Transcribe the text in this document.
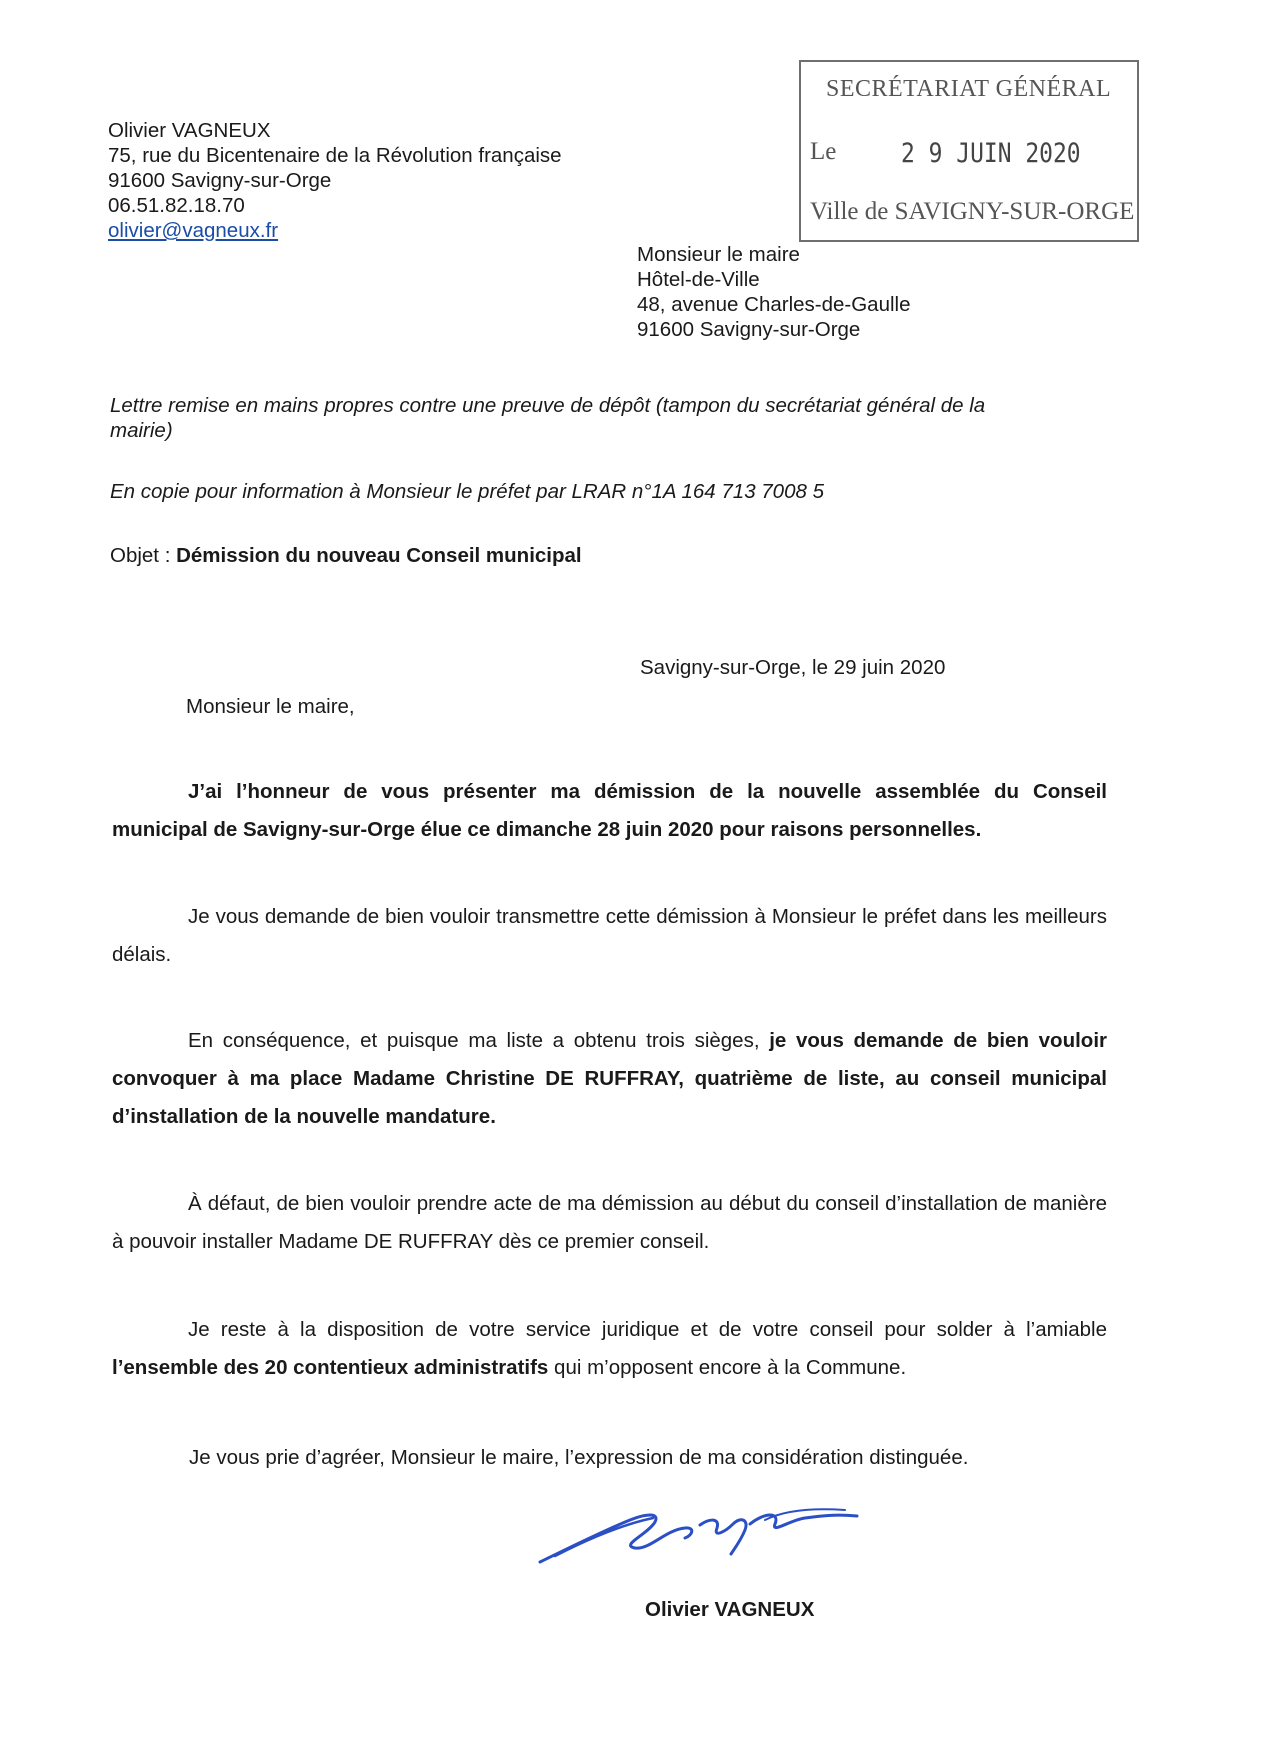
Olivier VAGNEUX
75, rue du Bicentenaire de la Révolution française
91600 Savigny-sur-Orge
06.51.82.18.70
olivier@vagneux.fr
SECRÉTARIAT GÉNÉRAL
Le 2 9 JUIN 2020
Ville de SAVIGNY-SUR-ORGE
Monsieur le maire
Hôtel-de-Ville
48, avenue Charles-de-Gaulle
91600 Savigny-sur-Orge
Lettre remise en mains propres contre une preuve de dépôt (tampon du secrétariat général de la
mairie)
En copie pour information à Monsieur le préfet par LRAR n°1A 164 713 7008 5
Objet : Démission du nouveau Conseil municipal
Savigny-sur-Orge, le 29 juin 2020
Monsieur le maire,

J’ai l’honneur de vous présenter ma démission de la nouvelle assemblée du Conseil municipal de Savigny-sur-Orge élue ce dimanche 28 juin 2020 pour raisons personnelles.

Je vous demande de bien vouloir transmettre cette démission à Monsieur le préfet dans les meilleurs délais.

En conséquence, et puisque ma liste a obtenu trois sièges, je vous demande de bien vouloir convoquer à ma place Madame Christine DE RUFFRAY, quatrième de liste, au conseil municipal d’installation de la nouvelle mandature.

À défaut, de bien vouloir prendre acte de ma démission au début du conseil d’installation de manière à pouvoir installer Madame DE RUFFRAY dès ce premier conseil.

Je reste à la disposition de votre service juridique et de votre conseil pour solder à l’amiable l’ensemble des 20 contentieux administratifs qui m’opposent encore à la Commune.

Je vous prie d’agréer, Monsieur le maire, l’expression de ma considération distinguée.
Olivier VAGNEUX
